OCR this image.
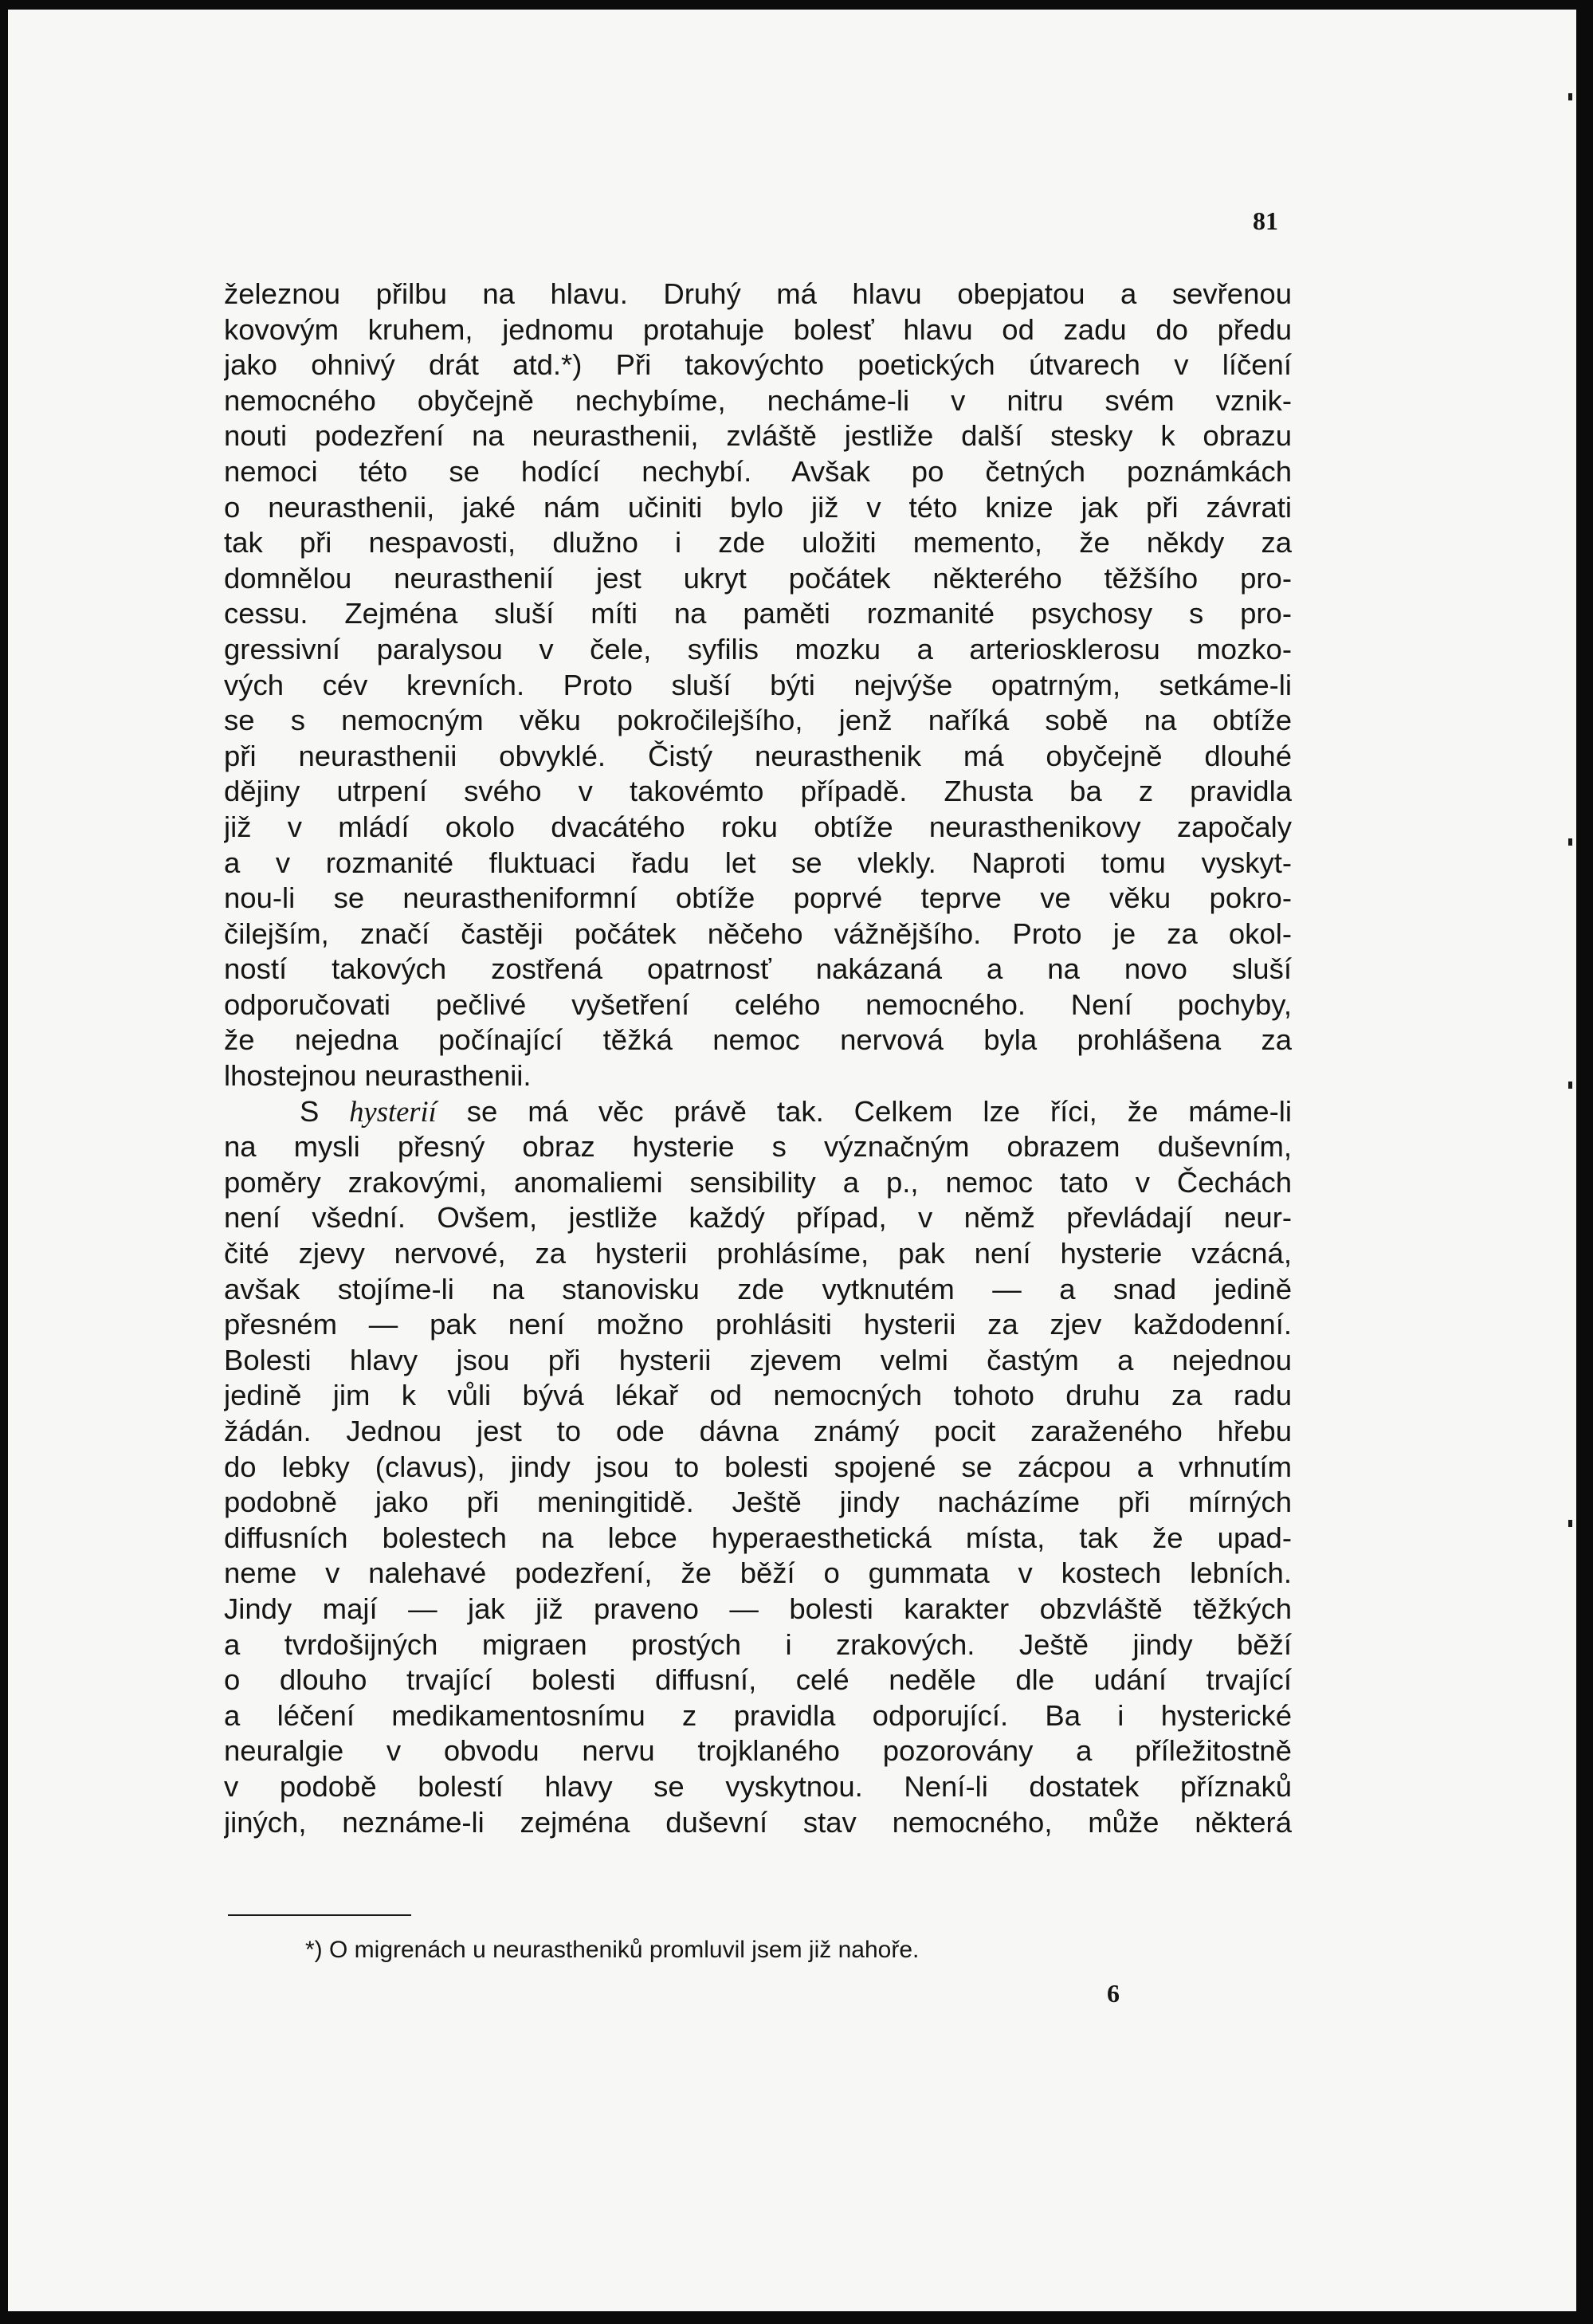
81
železnou přilbu na hlavu. Druhý má hlavu obepjatou a sevřenou
kovovým kruhem, jednomu protahuje bolesť hlavu od zadu do předu
jako ohnivý drát atd.*) Při takovýchto poetických útvarech v líčení
nemocného obyčejně nechybíme, necháme-li v nitru svém vznik-
nouti podezření na neurasthenii, zvláště jestliže další stesky k obrazu
nemoci této se hodící nechybí. Avšak po četných poznámkách
o neurasthenii, jaké nám učiniti bylo již v této knize jak při závrati
tak při nespavosti, dlužno i zde uložiti memento, že někdy za
domnělou neurasthenií jest ukryt počátek některého těžšího pro-
cessu. Zejména sluší míti na paměti rozmanité psychosy s pro-
gressivní paralysou v čele, syfilis mozku a arteriosklerosu mozko-
vých cév krevních. Proto sluší býti nejvýše opatrným, setkáme-li
se s nemocným věku pokročilejšího, jenž naříká sobě na obtíže
při neurasthenii obvyklé. Čistý neurasthenik má obyčejně dlouhé
dějiny utrpení svého v takovémto případě. Zhusta ba z pravidla
již v mládí okolo dvacátého roku obtíže neurasthenikovy započaly
a v rozmanité fluktuaci řadu let se vlekly. Naproti tomu vyskyt-
nou-li se neurastheniformní obtíže poprvé teprve ve věku pokro-
čilejším, značí častěji počátek něčeho vážnějšího. Proto je za okol-
ností takových zostřená opatrnosť nakázaná a na novo sluší
odporučovati pečlivé vyšetření celého nemocného. Není pochyby,
že nejedna počínající těžká nemoc nervová byla prohlášena za
lhostejnou neurasthenii.
S hysterií se má věc právě tak. Celkem lze říci, že máme-li
na mysli přesný obraz hysterie s význačným obrazem duševním,
poměry zrakovými, anomaliemi sensibility a p., nemoc tato v Čechách
není všední. Ovšem, jestliže každý případ, v němž převládají neur-
čité zjevy nervové, za hysterii prohlásíme, pak není hysterie vzácná,
avšak stojíme-li na stanovisku zde vytknutém — a snad jedině
přesném — pak není možno prohlásiti hysterii za zjev každodenní.
Bolesti hlavy jsou při hysterii zjevem velmi častým a nejednou
jedině jim k vůli bývá lékař od nemocných tohoto druhu za radu
žádán. Jednou jest to ode dávna známý pocit zaraženého hřebu
do lebky (clavus), jindy jsou to bolesti spojené se zácpou a vrhnutím
podobně jako při meningitidě. Ještě jindy nacházíme při mírných
diffusních bolestech na lebce hyperaesthetická místa, tak že upad-
neme v nalehavé podezření, že běží o gummata v kostech lebních.
Jindy mají — jak již praveno — bolesti karakter obzvláště těžkých
a tvrdošijných migraen prostých i zrakových. Ještě jindy běží
o dlouho trvající bolesti diffusní, celé neděle dle udání trvající
a léčení medikamentosnímu z pravidla odporující. Ba i hysterické
neuralgie v obvodu nervu trojklaného pozorovány a příležitostně
v podobě bolestí hlavy se vyskytnou. Není-li dostatek příznaků
jiných, neznáme-li zejména duševní stav nemocného, může některá
*) O migrenách u neurastheniků promluvil jsem již nahoře.
6
